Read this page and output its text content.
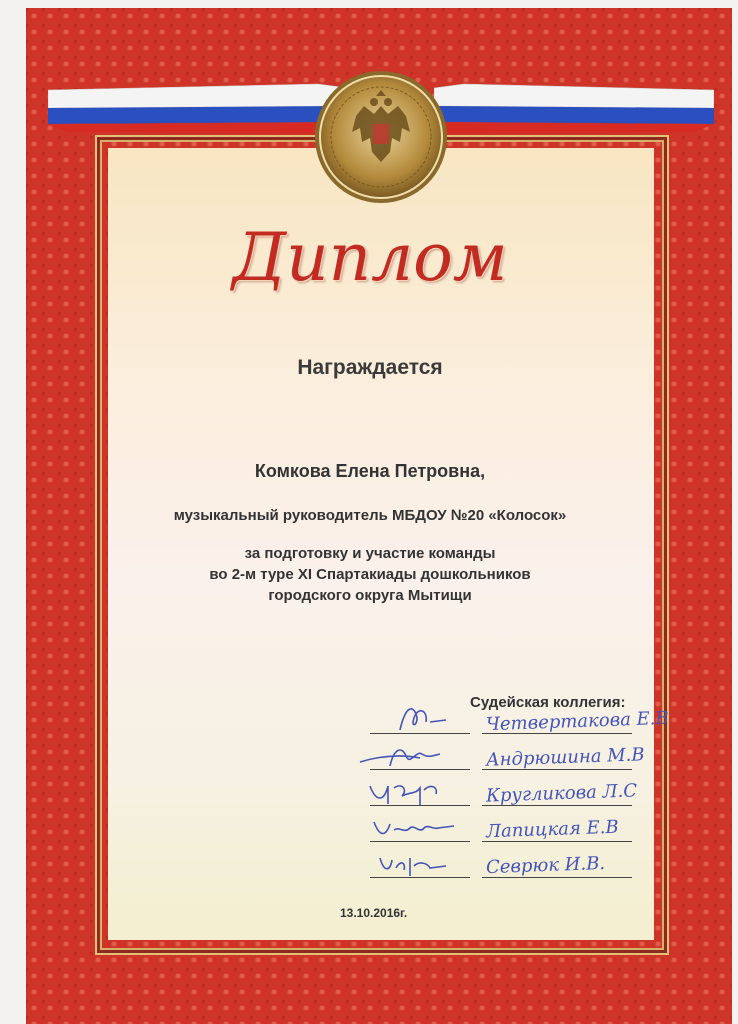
Диплом
Награждается
Комкова Елена Петровна,
музыкальный руководитель МБДОУ №20 «Колосок»
за подготовку и участие команды
во 2-м туре XI Спартакиады дошкольников
городского округа Мытищи
Судейская коллегия:
Четвертакова Е.В
Андрюшина М.В
Кругликова Л.С
Лапицкая Е.В
Севрюк И.В.
13.10.2016г.
